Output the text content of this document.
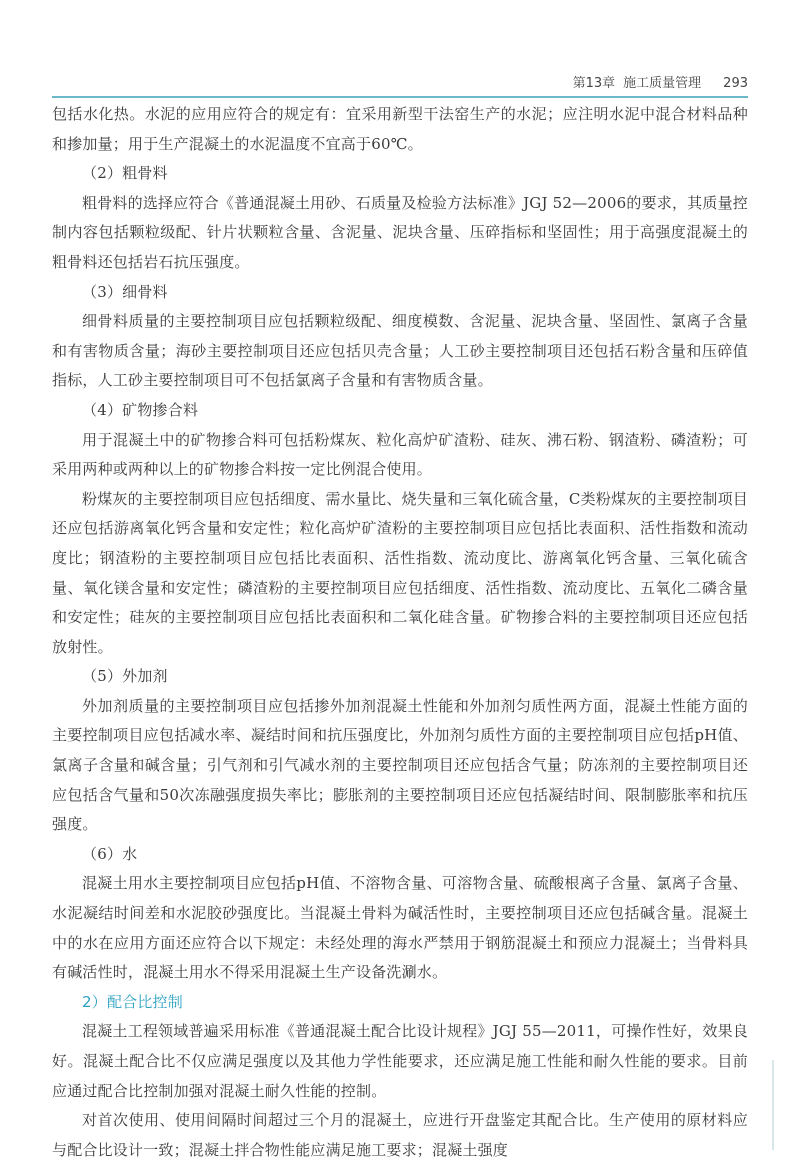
第13章 施工质量管理 293

包括水化热。水泥的应用应符合的规定有：宜采用新型干法窑生产的水泥；应注明水泥中混合材料品种和掺加量；用于生产混凝土的水泥温度不宜高于60℃。

（2）粗骨料

粗骨料的选择应符合《普通混凝土用砂、石质量及检验方法标准》JGJ 52—2006的要求，其质量控制内容包括颗粒级配、针片状颗粒含量、含泥量、泥块含量、压碎指标和坚固性；用于高强度混凝土的粗骨料还包括岩石抗压强度。

（3）细骨料

细骨料质量的主要控制项目应包括颗粒级配、细度模数、含泥量、泥块含量、坚固性、氯离子含量和有害物质含量；海砂主要控制项目还应包括贝壳含量；人工砂主要控制项目还包括石粉含量和压碎值指标，人工砂主要控制项目可不包括氯离子含量和有害物质含量。

（4）矿物掺合料

用于混凝土中的矿物掺合料可包括粉煤灰、粒化高炉矿渣粉、硅灰、沸石粉、钢渣粉、磷渣粉；可采用两种或两种以上的矿物掺合料按一定比例混合使用。

粉煤灰的主要控制项目应包括细度、需水量比、烧失量和三氧化硫含量，C类粉煤灰的主要控制项目还应包括游离氧化钙含量和安定性；粒化高炉矿渣粉的主要控制项目应包括比表面积、活性指数和流动度比；钢渣粉的主要控制项目应包括比表面积、活性指数、流动度比、游离氧化钙含量、三氧化硫含量、氧化镁含量和安定性；磷渣粉的主要控制项目应包括细度、活性指数、流动度比、五氧化二磷含量和安定性；硅灰的主要控制项目应包括比表面积和二氧化硅含量。矿物掺合料的主要控制项目还应包括放射性。

（5）外加剂

外加剂质量的主要控制项目应包括掺外加剂混凝土性能和外加剂匀质性两方面，混凝土性能方面的主要控制项目应包括减水率、凝结时间和抗压强度比，外加剂匀质性方面的主要控制项目应包括pH值、氯离子含量和碱含量；引气剂和引气减水剂的主要控制项目还应包括含气量；防冻剂的主要控制项目还应包括含气量和50次冻融强度损失率比；膨胀剂的主要控制项目还应包括凝结时间、限制膨胀率和抗压强度。

（6）水

混凝土用水主要控制项目应包括pH值、不溶物含量、可溶物含量、硫酸根离子含量、氯离子含量、水泥凝结时间差和水泥胶砂强度比。当混凝土骨料为碱活性时，主要控制项目还应包括碱含量。混凝土中的水在应用方面还应符合以下规定：未经处理的海水严禁用于钢筋混凝土和预应力混凝土；当骨料具有碱活性时，混凝土用水不得采用混凝土生产设备洗涮水。

2）配合比控制

混凝土工程领域普遍采用标准《普通混凝土配合比设计规程》JGJ 55—2011，可操作性好，效果良好。混凝土配合比不仅应满足强度以及其他力学性能要求，还应满足施工性能和耐久性能的要求。目前应通过配合比控制加强对混凝土耐久性能的控制。

对首次使用、使用间隔时间超过三个月的混凝土，应进行开盘鉴定其配合比。生产使用的原材料应与配合比设计一致；混凝土拌合物性能应满足施工要求；混凝土强度
